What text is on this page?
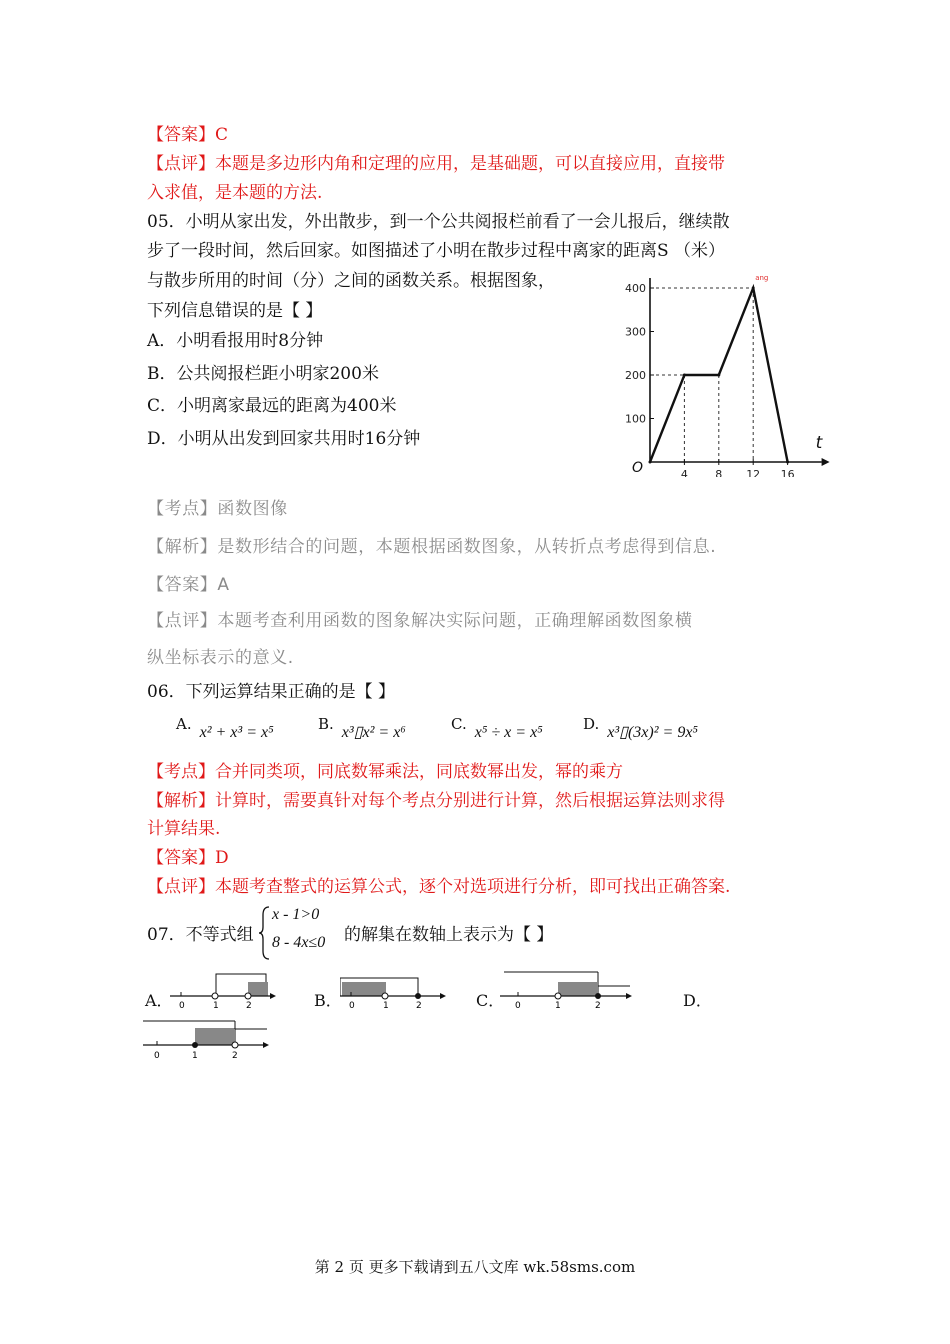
【答案】C
【点评】本题是多边形内角和定理的应用，是基础题，可以直接应用，直接带
入求值，是本题的方法.
05．小明从家出发，外出散步，到一个公共阅报栏前看了一会儿报后，继续散
步了一段时间，然后回家。如图描述了小明在散步过程中离家的距离S （米）
与散步所用的时间（分）之间的函数关系。根据图象，
下列信息错误的是【 】
A．小明看报用时8分钟
B．公共阅报栏距小明家200米
C．小明离家最远的距离为400米
D．小明从出发到回家共用时16分钟
4 8 12 16
100
200
300
400
O
t
ang
【考点】函数图像
【解析】是数形结合的问题，本题根据函数图象，从转折点考虑得到信息.
【答案】A
【点评】本题考查利用函数的图象解决实际问题，正确理解函数图象横
纵坐标表示的意义.
06．下列运算结果正确的是【 】
A. x² + x³ = x⁵	B. x³▯x² = x⁶	C. x⁵ ÷ x = x⁵	D. x³▯(3x)² = 9x⁵
【考点】合并同类项，同底数幂乘法，同底数幂出发，幂的乘方
【解析】计算时，需要真针对每个考点分别进行计算，然后根据运算法则求得
计算结果.
【答案】D
【点评】本题考查整式的运算公式，逐个对选项进行分析，即可找出正确答案.
07．不等式组
x - 1>0
8 - 4x≤0 的解集在数轴上表示为【 】
A．	B．	C．	D．
0	1	2	0	1	2	0	1	2
0	1	2
第 2 页 更多下载请到五八文库 wk.58sms.com
